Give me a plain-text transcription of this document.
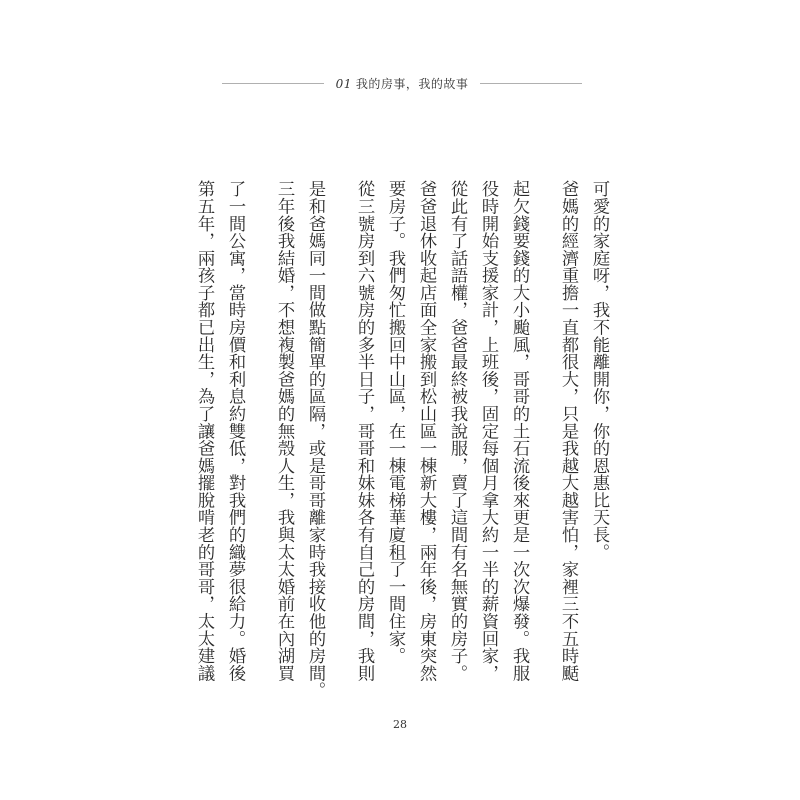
01 我的房事，我的故事

可愛的家庭呀，我不能離開你，你的恩惠比天長。

爸媽的經濟重擔一直都很大，只是我越大越害怕，家裡三不五時颳

起欠錢要錢的大小颱風，哥哥的土石流後來更是一次次爆發。我服

役時開始支援家計，上班後，固定每個月拿大約一半的薪資回家，

從此有了話語權，爸爸最終被我說服，賣了這間有名無實的房子。

爸爸退休收起店面全家搬到松山區一棟新大樓，兩年後，房東突然

要房子。我們匆忙搬回中山區，在一棟電梯華廈租了一間住家。

從三號房到六號房的多半日子，哥哥和妹妹各有自己的房間，我則

是和爸媽同一間做點簡單的區隔，或是哥哥離家時我接收他的房間。

三年後我結婚，不想複製爸媽的無殼人生，我與太太婚前在內湖買

了一間公寓，當時房價和利息約雙低，對我們的織夢很給力。婚後

第五年，兩孩子都已出生，為了讓爸媽擺脫啃老的哥哥，太太建議

28
